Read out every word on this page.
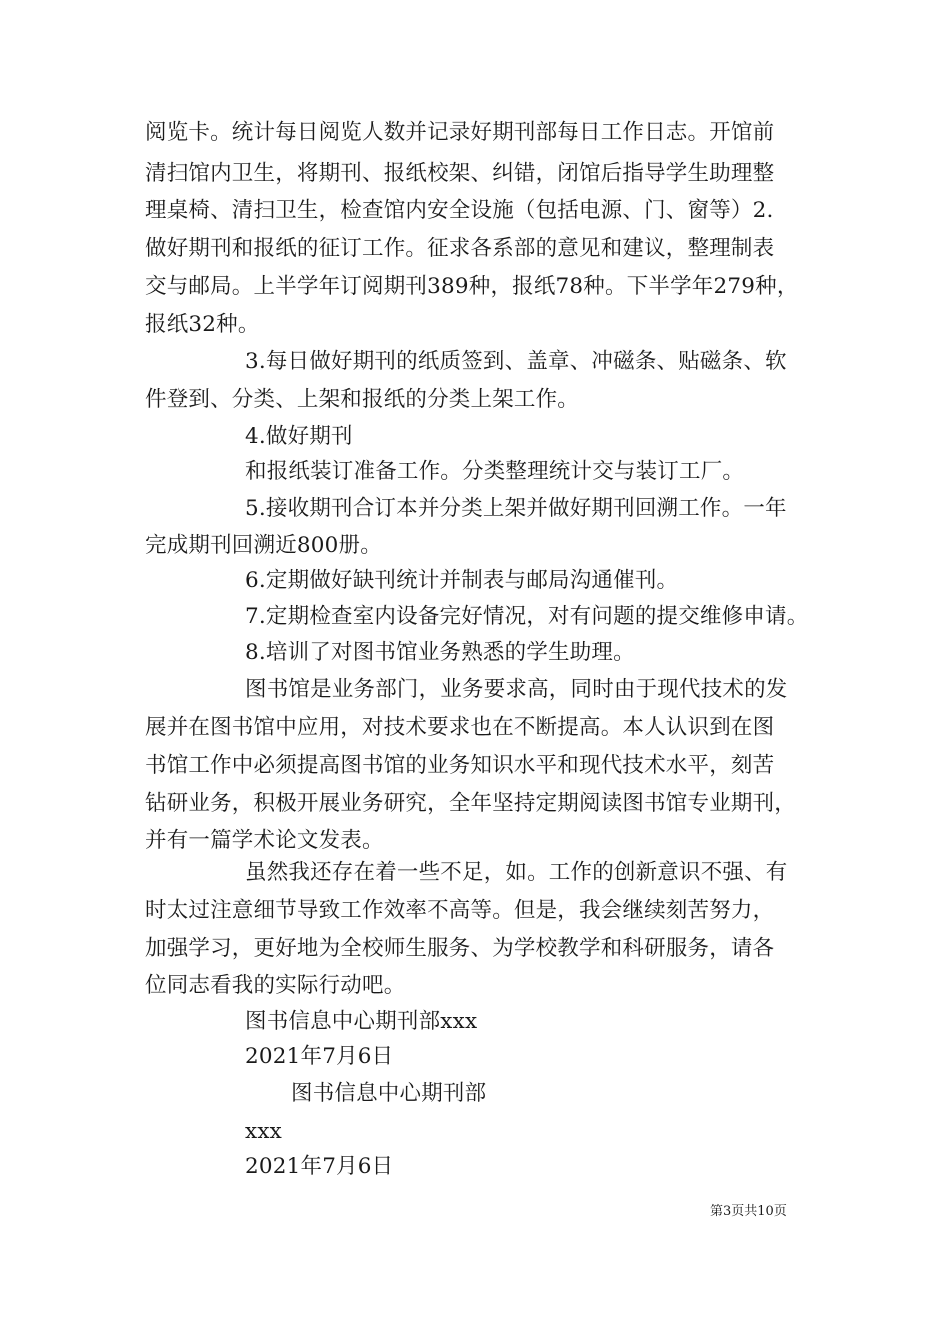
阅览卡。统计每日阅览人数并记录好期刊部每日工作日志。开馆前
清扫馆内卫生，将期刊、报纸校架、纠错，闭馆后指导学生助理整
理桌椅、清扫卫生，检查馆内安全设施（包括电源、门、窗等）2.
做好期刊和报纸的征订工作。征求各系部的意见和建议，整理制表
交与邮局。上半学年订阅期刊389种，报纸78种。下半学年279种，
报纸32种。
3.每日做好期刊的纸质签到、盖章、冲磁条、贴磁条、软
件登到、分类、上架和报纸的分类上架工作。
4.做好期刊
和报纸装订准备工作。分类整理统计交与装订工厂。
5.接收期刊合订本并分类上架并做好期刊回溯工作。一年
完成期刊回溯近800册。
6.定期做好缺刊统计并制表与邮局沟通催刊。
7.定期检查室内设备完好情况，对有问题的提交维修申请。
8.培训了对图书馆业务熟悉的学生助理。
图书馆是业务部门，业务要求高，同时由于现代技术的发
展并在图书馆中应用，对技术要求也在不断提高。本人认识到在图
书馆工作中必须提高图书馆的业务知识水平和现代技术水平，刻苦
钻研业务，积极开展业务研究，全年坚持定期阅读图书馆专业期刊，
并有一篇学术论文发表。
虽然我还存在着一些不足，如。工作的创新意识不强、有
时太过注意细节导致工作效率不高等。但是，我会继续刻苦努力，
加强学习，更好地为全校师生服务、为学校教学和科研服务，请各
位同志看我的实际行动吧。
图书信息中心期刊部xxx
2021年7月6日
图书信息中心期刊部
xxx
2021年7月6日
第3页共10页
